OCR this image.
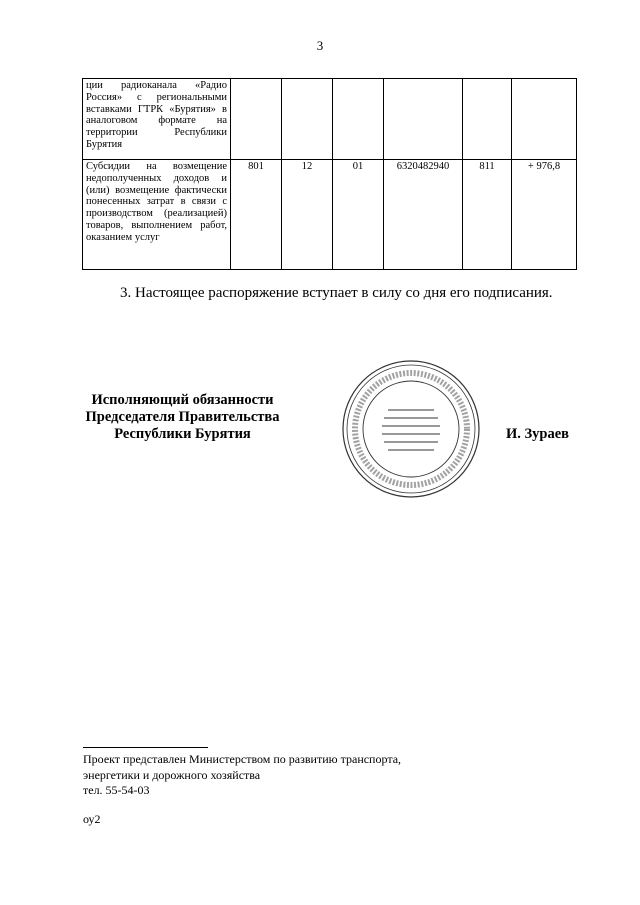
3
ции радиоканала «Радио Россия» с региональными вставками ГТРК «Бурятия» в аналоговом формате на территории Республики Бурятия						
Субсидии на возмещение недополученных доходов и (или) возмещение фактически понесенных затрат в связи с производством (реализацией) товаров, выполнением работ, оказанием услуг	801	12	01	6320482940	811	+ 976,8
3. Настоящее распоряжение вступает в силу со дня его подписания.
Исполняющий обязанности
Председателя Правительства
Республики Бурятия	И. Зураев
Проект представлен Министерством по развитию транспорта,
энергетики и дорожного хозяйства
тел. 55-54-03
оу2
